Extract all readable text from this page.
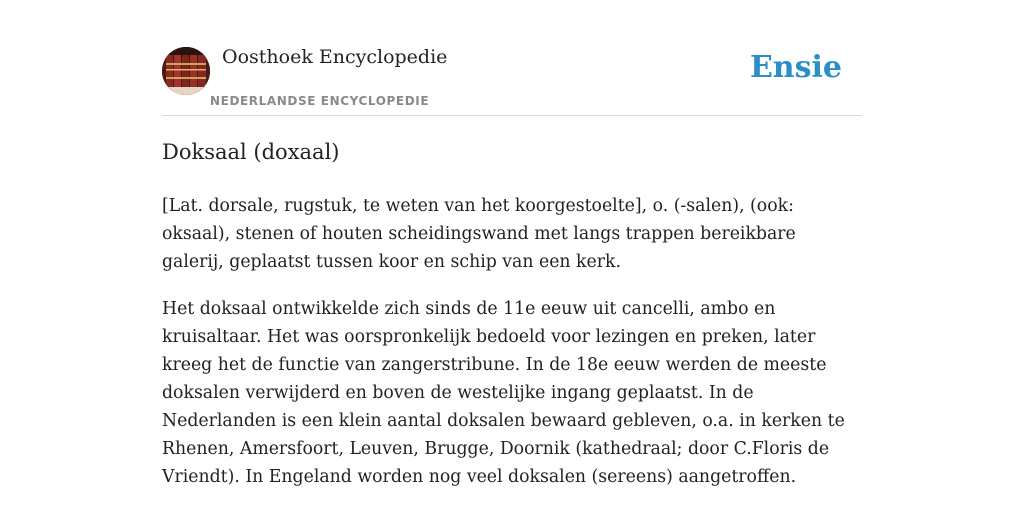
Oosthoek Encyclopedie
NEDERLANDSE ENCYCLOPEDIE
Ensie
Doksaal (doxaal)

[Lat. dorsale, rugstuk, te weten van het koorgestoelte], o. (-salen), (ook: oksaal), stenen of houten scheidingswand met langs trappen bereikbare galerij, geplaatst tussen koor en schip van een kerk.

Het doksaal ontwikkelde zich sinds de 11e eeuw uit cancelli, ambo en kruisaltaar. Het was oorspronkelijk bedoeld voor lezingen en preken, later kreeg het de functie van zangerstribune. In de 18e eeuw werden de meeste doksalen verwijderd en boven de westelijke ingang geplaatst. In de Nederlanden is een klein aantal doksalen bewaard gebleven, o.a. in kerken te Rhenen, Amersfoort, Leuven, Brugge, Doornik (kathedraal; door C.Floris de Vriendt). In Engeland worden nog veel doksalen (sereens) aangetroffen.
